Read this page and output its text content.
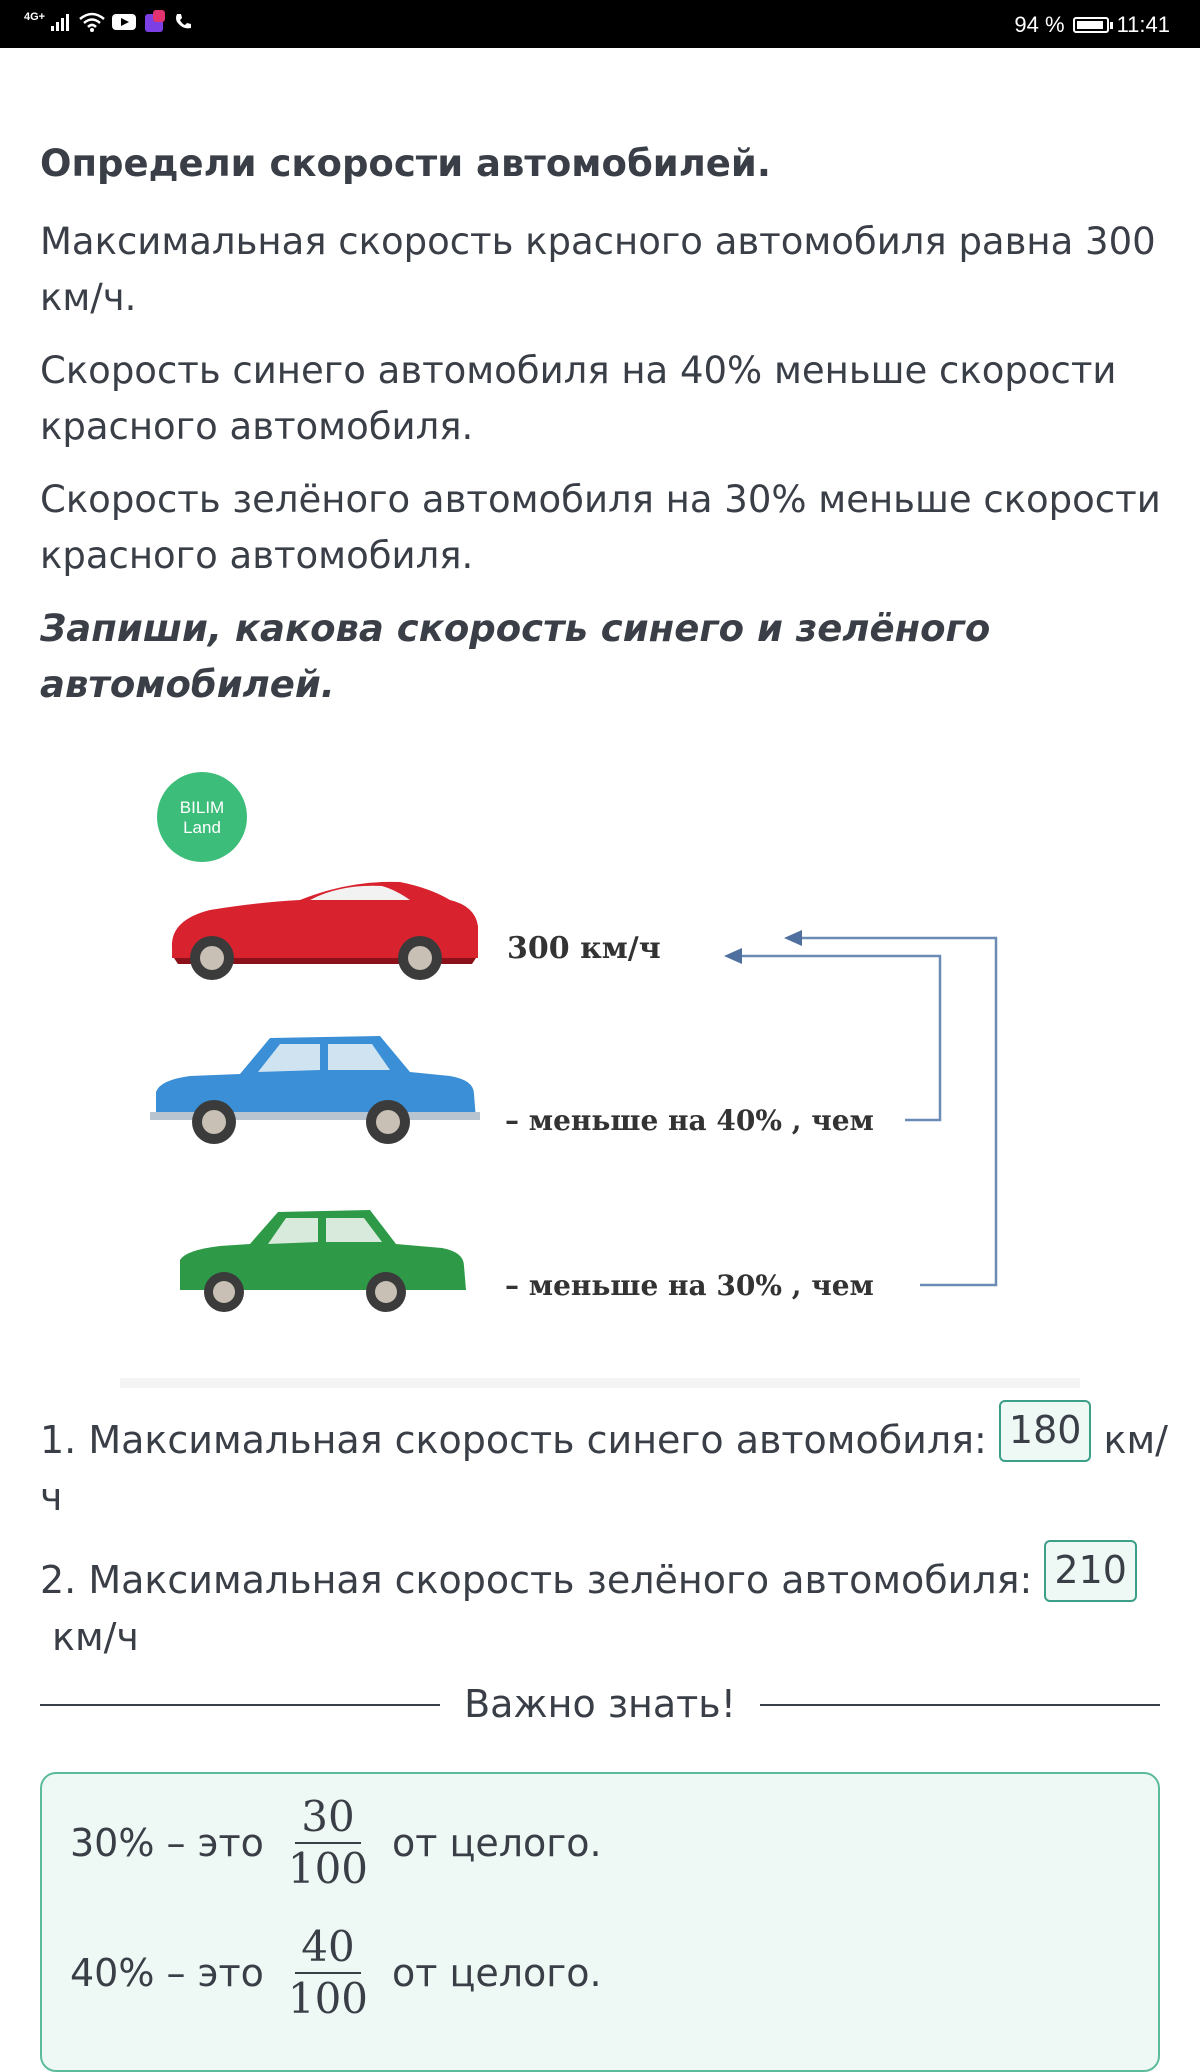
4G+	94 % 11:41

Определи скорости автомобилей.

Максимальная скорость красного автомобиля равна 300 км/ч.

Скорость синего автомобиля на 40% меньше скорости красного автомобиля.

Скорость зелёного автомобиля на 30% меньше скорости красного автомобиля.

Запиши, какова скорость синего и зелёного автомобилей.

BILIM
Land
300 км/ч
– меньше на 40% , чем
– меньше на 30% , чем

1. Максимальная скорость синего автомобиля: 180 км/ч

2. Максимальная скорость зелёного автомобиля: 210
км/ч

Важно знать!
30% – это $\frac{30}{100}$ от целого.
40% – это $\frac{40}{100}$ от целого.
